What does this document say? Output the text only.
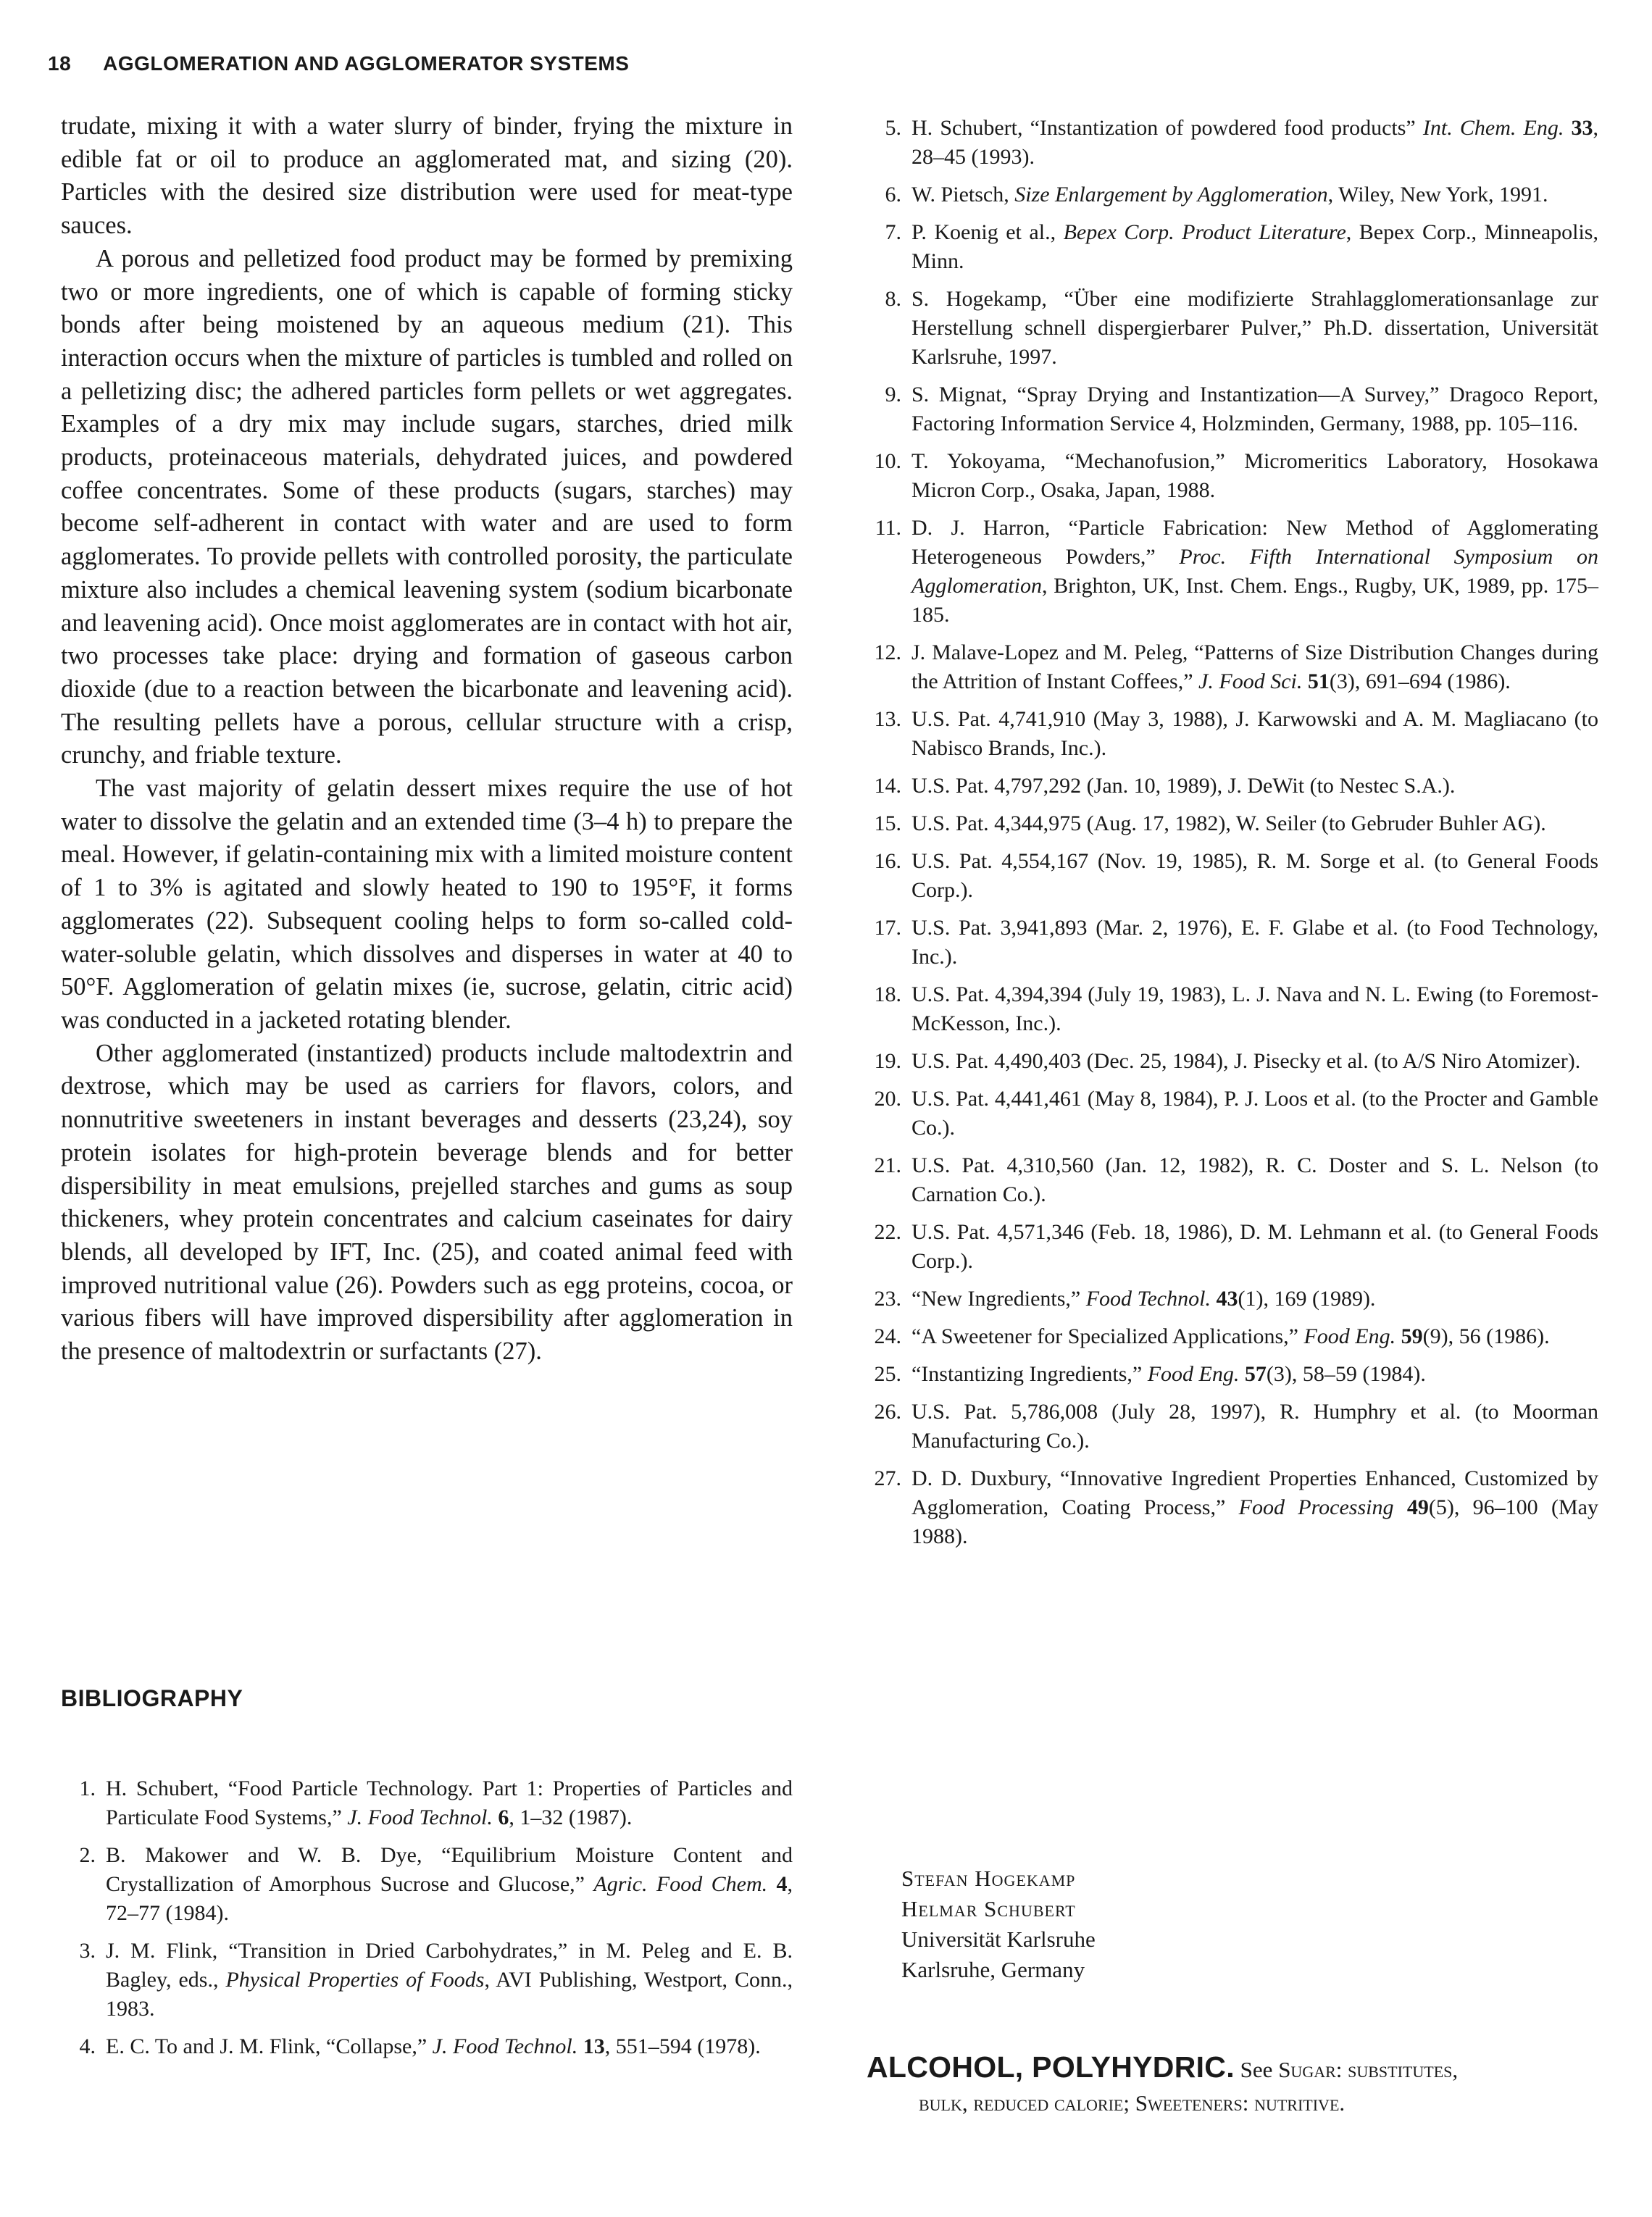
18 AGGLOMERATION AND AGGLOMERATOR SYSTEMS

trudate, mixing it with a water slurry of binder, frying the mixture in edible fat or oil to produce an agglomerated mat, and sizing (20). Particles with the desired size distribution were used for meat-type sauces.

A porous and pelletized food product may be formed by premixing two or more ingredients, one of which is capable of forming sticky bonds after being moistened by an aqueous medium (21). This interaction occurs when the mixture of particles is tumbled and rolled on a pelletizing disc; the adhered particles form pellets or wet aggregates. Examples of a dry mix may include sugars, starches, dried milk products, proteinaceous materials, dehydrated juices, and powdered coffee concentrates. Some of these products (sugars, starches) may become self-adherent in contact with water and are used to form agglomerates. To provide pellets with controlled porosity, the particulate mixture also includes a chemical leavening system (sodium bicarbonate and leavening acid). Once moist agglomerates are in contact with hot air, two processes take place: drying and formation of gaseous carbon dioxide (due to a reaction between the bicarbonate and leavening acid). The resulting pellets have a porous, cellular structure with a crisp, crunchy, and friable texture.

The vast majority of gelatin dessert mixes require the use of hot water to dissolve the gelatin and an extended time (3–4 h) to prepare the meal. However, if gelatin-containing mix with a limited moisture content of 1 to 3% is agitated and slowly heated to 190 to 195°F, it forms agglomerates (22). Subsequent cooling helps to form so-called cold-water-soluble gelatin, which dissolves and disperses in water at 40 to 50°F. Agglomeration of gelatin mixes (ie, sucrose, gelatin, citric acid) was conducted in a jacketed rotating blender.

Other agglomerated (instantized) products include maltodextrin and dextrose, which may be used as carriers for flavors, colors, and nonnutritive sweeteners in instant beverages and desserts (23,24), soy protein isolates for high-protein beverage blends and for better dispersibility in meat emulsions, prejelled starches and gums as soup thickeners, whey protein concentrates and calcium caseinates for dairy blends, all developed by IFT, Inc. (25), and coated animal feed with improved nutritional value (26). Powders such as egg proteins, cocoa, or various fibers will have improved dispersibility after agglomeration in the presence of maltodextrin or surfactants (27).

BIBLIOGRAPHY
1. H. Schubert, “Food Particle Technology. Part 1: Properties of Particles and Particulate Food Systems,” J. Food Technol. 6, 1–32 (1987).
2. B. Makower and W. B. Dye, “Equilibrium Moisture Content and Crystallization of Amorphous Sucrose and Glucose,” Agric. Food Chem. 4, 72–77 (1984).
3. J. M. Flink, “Transition in Dried Carbohydrates,” in M. Peleg and E. B. Bagley, eds., Physical Properties of Foods, AVI Publishing, Westport, Conn., 1983.
4. E. C. To and J. M. Flink, “Collapse,” J. Food Technol. 13, 551–594 (1978).
5. H. Schubert, “Instantization of powdered food products” Int. Chem. Eng. 33, 28–45 (1993).
6. W. Pietsch, Size Enlargement by Agglomeration, Wiley, New York, 1991.
7. P. Koenig et al., Bepex Corp. Product Literature, Bepex Corp., Minneapolis, Minn.
8. S. Hogekamp, “Über eine modifizierte Strahlagglomerationsanlage zur Herstellung schnell dispergierbarer Pulver,” Ph.D. dissertation, Universität Karlsruhe, 1997.
9. S. Mignat, “Spray Drying and Instantization—A Survey,” Dragoco Report, Factoring Information Service 4, Holzminden, Germany, 1988, pp. 105–116.
10. T. Yokoyama, “Mechanofusion,” Micromeritics Laboratory, Hosokawa Micron Corp., Osaka, Japan, 1988.
11. D. J. Harron, “Particle Fabrication: New Method of Agglomerating Heterogeneous Powders,” Proc. Fifth International Symposium on Agglomeration, Brighton, UK, Inst. Chem. Engs., Rugby, UK, 1989, pp. 175–185.
12. J. Malave-Lopez and M. Peleg, “Patterns of Size Distribution Changes during the Attrition of Instant Coffees,” J. Food Sci. 51(3), 691–694 (1986).
13. U.S. Pat. 4,741,910 (May 3, 1988), J. Karwowski and A. M. Magliacano (to Nabisco Brands, Inc.).
14. U.S. Pat. 4,797,292 (Jan. 10, 1989), J. DeWit (to Nestec S.A.).
15. U.S. Pat. 4,344,975 (Aug. 17, 1982), W. Seiler (to Gebruder Buhler AG).
16. U.S. Pat. 4,554,167 (Nov. 19, 1985), R. M. Sorge et al. (to General Foods Corp.).
17. U.S. Pat. 3,941,893 (Mar. 2, 1976), E. F. Glabe et al. (to Food Technology, Inc.).
18. U.S. Pat. 4,394,394 (July 19, 1983), L. J. Nava and N. L. Ewing (to Foremost-McKesson, Inc.).
19. U.S. Pat. 4,490,403 (Dec. 25, 1984), J. Pisecky et al. (to A/S Niro Atomizer).
20. U.S. Pat. 4,441,461 (May 8, 1984), P. J. Loos et al. (to the Procter and Gamble Co.).
21. U.S. Pat. 4,310,560 (Jan. 12, 1982), R. C. Doster and S. L. Nelson (to Carnation Co.).
22. U.S. Pat. 4,571,346 (Feb. 18, 1986), D. M. Lehmann et al. (to General Foods Corp.).
23. “New Ingredients,” Food Technol. 43(1), 169 (1989).
24. “A Sweetener for Specialized Applications,” Food Eng. 59(9), 56 (1986).
25. “Instantizing Ingredients,” Food Eng. 57(3), 58–59 (1984).
26. U.S. Pat. 5,786,008 (July 28, 1997), R. Humphry et al. (to Moorman Manufacturing Co.).
27. D. D. Duxbury, “Innovative Ingredient Properties Enhanced, Customized by Agglomeration, Coating Process,” Food Processing 49(5), 96–100 (May 1988).
Stefan Hogekamp
Helmar Schubert
Universität Karlsruhe
Karlsruhe, Germany
ALCOHOL, POLYHYDRIC. See Sugar: substitutes,
bulk, reduced calorie; Sweeteners: nutritive.
